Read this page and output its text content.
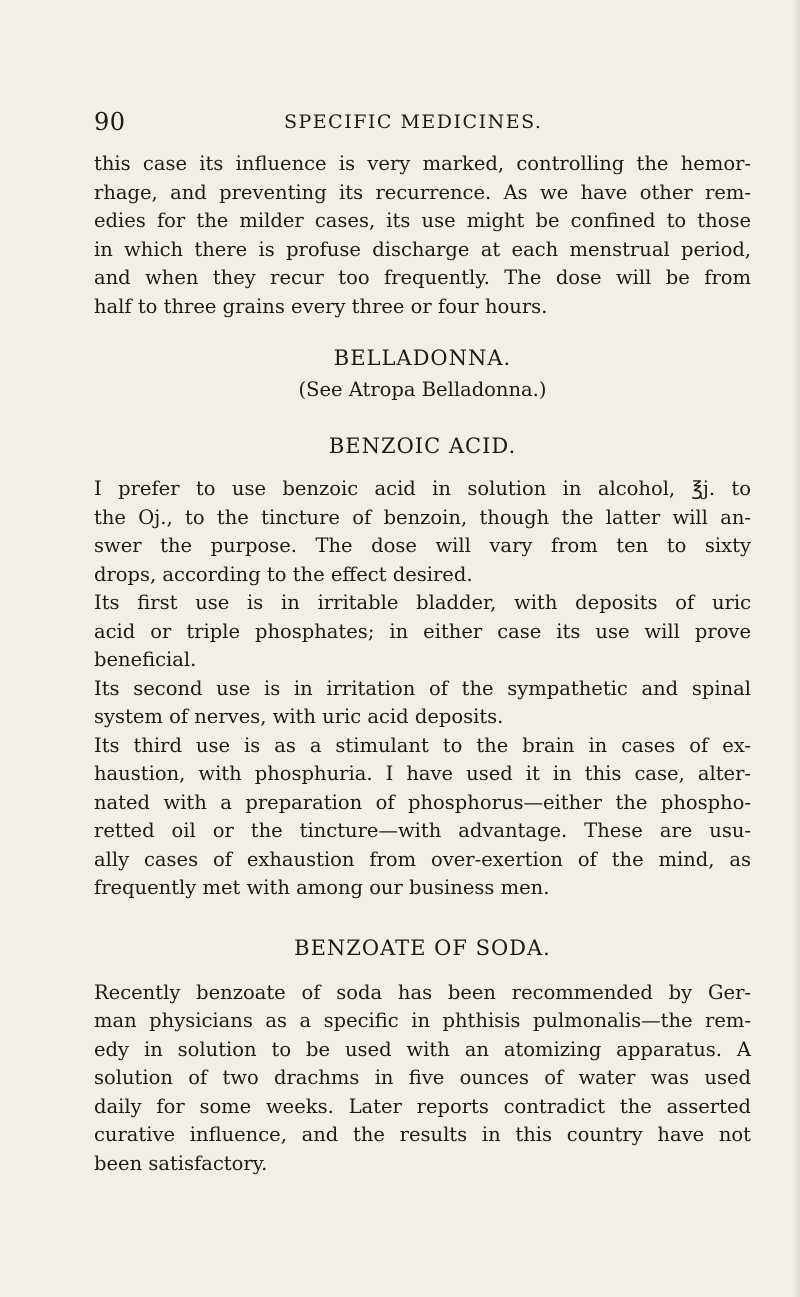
90	SPECIFIC MEDICINES.
this case its influence is very marked, controlling the hemor-
rhage, and preventing its recurrence. As we have other rem-
edies for the milder cases, its use might be confined to those
in which there is profuse discharge at each menstrual period,
and when they recur too frequently. The dose will be from
half to three grains every three or four hours.
BELLADONNA.
(See Atropa Belladonna.)
BENZOIC ACID.
I prefer to use benzoic acid in solution in alcohol, ℥j. to
the Oj., to the tincture of benzoin, though the latter will an-
swer the purpose. The dose will vary from ten to sixty
drops, according to the effect desired.
Its first use is in irritable bladder, with deposits of uric
acid or triple phosphates; in either case its use will prove
beneficial.
Its second use is in irritation of the sympathetic and spinal
system of nerves, with uric acid deposits.
Its third use is as a stimulant to the brain in cases of ex-
haustion, with phosphuria. I have used it in this case, alter-
nated with a preparation of phosphorus—either the phospho-
retted oil or the tincture—with advantage. These are usu-
ally cases of exhaustion from over-exertion of the mind, as
frequently met with among our business men.
BENZOATE OF SODA.
Recently benzoate of soda has been recommended by Ger-
man physicians as a specific in phthisis pulmonalis—the rem-
edy in solution to be used with an atomizing apparatus. A
solution of two drachms in five ounces of water was used
daily for some weeks. Later reports contradict the asserted
curative influence, and the results in this country have not
been satisfactory.
